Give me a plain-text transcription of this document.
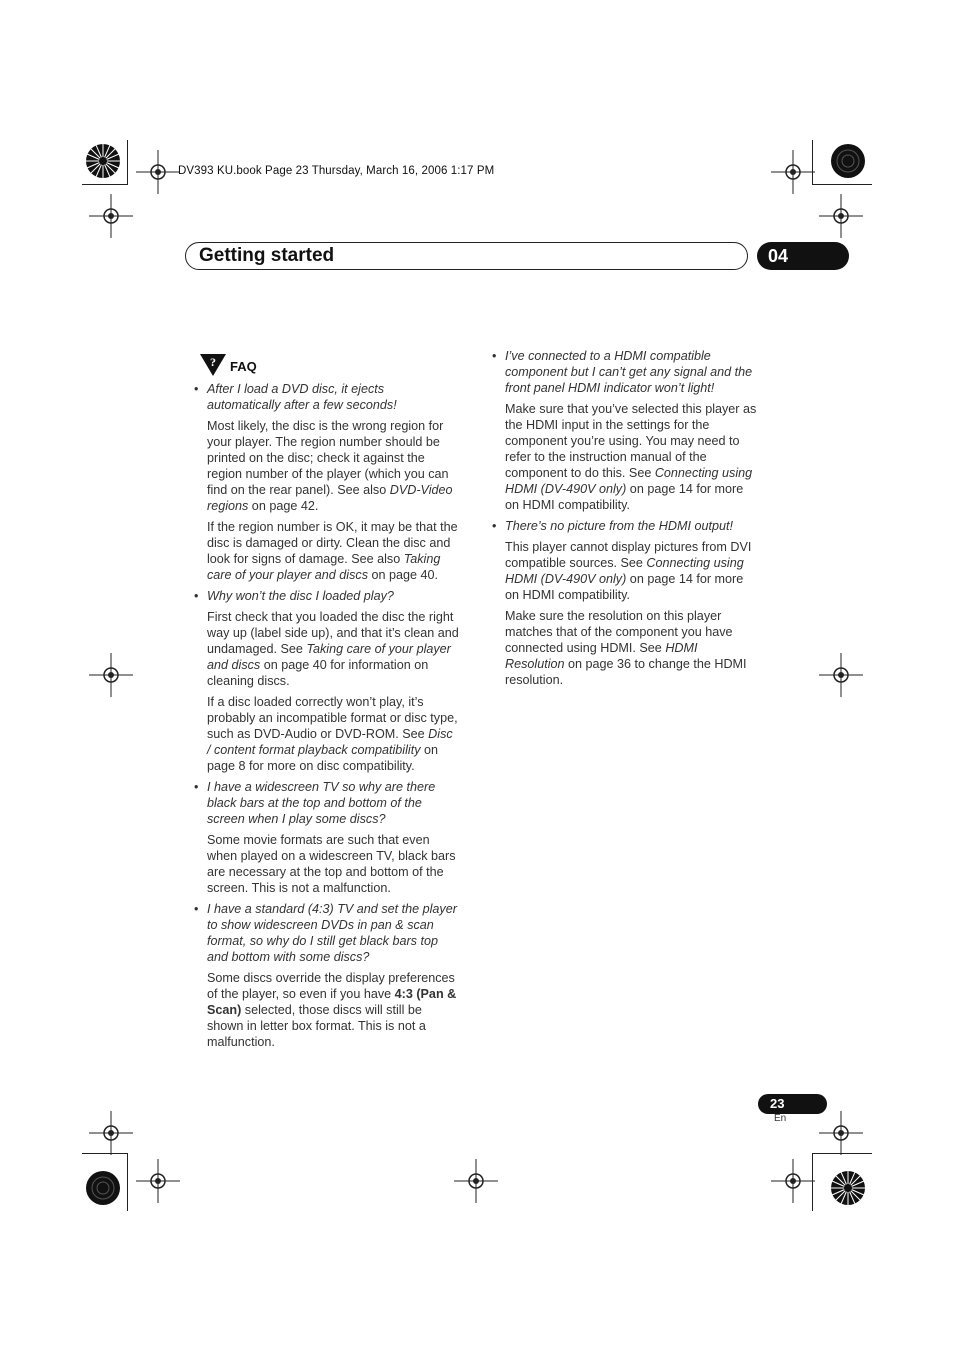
DV393 KU.book Page 23 Thursday, March 16, 2006 1:17 PM
Getting started	04
? FAQ
• After I load a DVD disc, it ejects automatically after a few seconds!
Most likely, the disc is the wrong region for your player. The region number should be printed on the disc; check it against the region number of the player (which you can find on the rear panel). See also DVD-Video regions on page 42.
If the region number is OK, it may be that the disc is damaged or dirty. Clean the disc and look for signs of damage. See also Taking care of your player and discs on page 40.
• Why won’t the disc I loaded play?
First check that you loaded the disc the right way up (label side up), and that it’s clean and undamaged. See Taking care of your player and discs on page 40 for information on cleaning discs.
If a disc loaded correctly won’t play, it’s probably an incompatible format or disc type, such as DVD-Audio or DVD-ROM. See Disc / content format playback compatibility on page 8 for more on disc compatibility.
• I have a widescreen TV so why are there black bars at the top and bottom of the screen when I play some discs?
Some movie formats are such that even when played on a widescreen TV, black bars are necessary at the top and bottom of the screen. This is not a malfunction.
• I have a standard (4:3) TV and set the player to show widescreen DVDs in pan & scan format, so why do I still get black bars top and bottom with some discs?
Some discs override the display preferences of the player, so even if you have 4:3 (Pan & Scan) selected, those discs will still be shown in letter box format. This is not a malfunction.
• I’ve connected to a HDMI compatible component but I can’t get any signal and the front panel HDMI indicator won’t light!
Make sure that you’ve selected this player as the HDMI input in the settings for the component you’re using. You may need to refer to the instruction manual of the component to do this. See Connecting using HDMI (DV-490V only) on page 14 for more on HDMI compatibility.
• There’s no picture from the HDMI output!
This player cannot display pictures from DVI compatible sources. See Connecting using HDMI (DV-490V only) on page 14 for more on HDMI compatibility.
Make sure the resolution on this player matches that of the component you have connected using HDMI. See HDMI Resolution on page 36 to change the HDMI resolution.
23
En
